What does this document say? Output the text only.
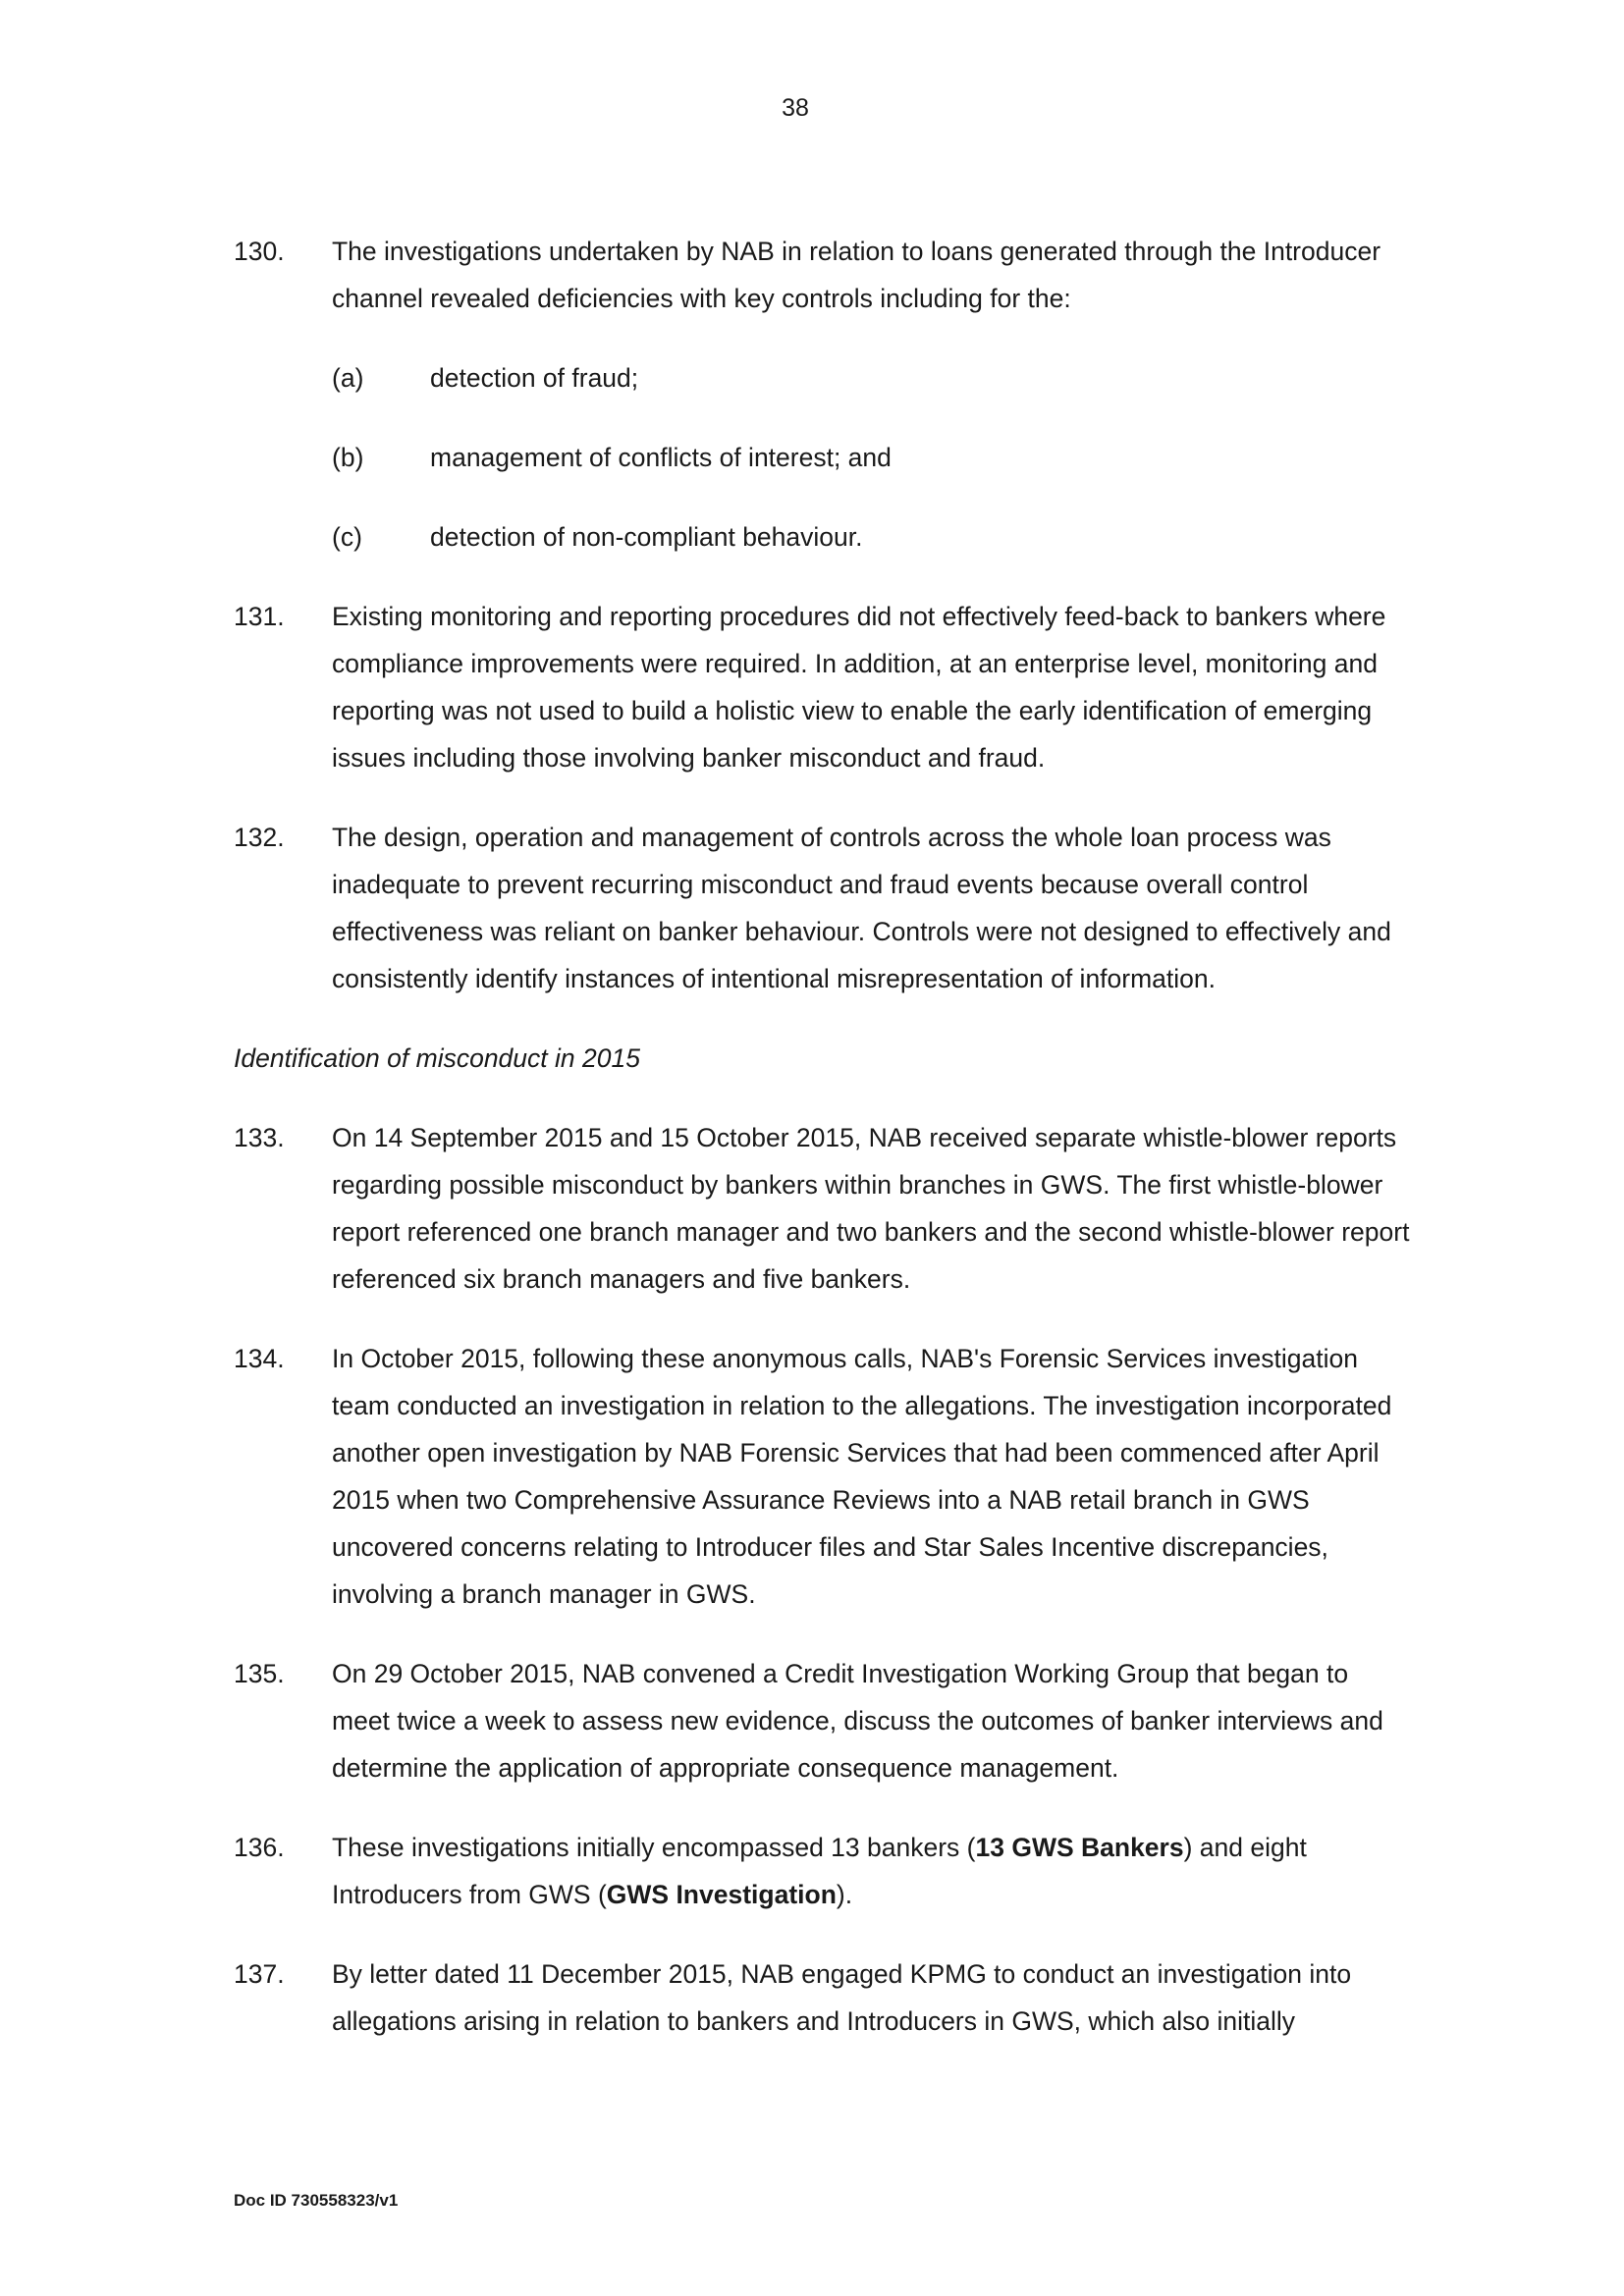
38
130. The investigations undertaken by NAB in relation to loans generated through the Introducer channel revealed deficiencies with key controls including for the:
(a)	detection of fraud;
(b)	management of conflicts of interest; and
(c)	detection of non-compliant behaviour.
131. Existing monitoring and reporting procedures did not effectively feed-back to bankers where compliance improvements were required. In addition, at an enterprise level, monitoring and reporting was not used to build a holistic view to enable the early identification of emerging issues including those involving banker misconduct and fraud.
132. The design, operation and management of controls across the whole loan process was inadequate to prevent recurring misconduct and fraud events because overall control effectiveness was reliant on banker behaviour. Controls were not designed to effectively and consistently identify instances of intentional misrepresentation of information.
Identification of misconduct in 2015
133. On 14 September 2015 and 15 October 2015, NAB received separate whistle-blower reports regarding possible misconduct by bankers within branches in GWS. The first whistle-blower report referenced one branch manager and two bankers and the second whistle-blower report referenced six branch managers and five bankers.
134. In October 2015, following these anonymous calls, NAB's Forensic Services investigation team conducted an investigation in relation to the allegations. The investigation incorporated another open investigation by NAB Forensic Services that had been commenced after April 2015 when two Comprehensive Assurance Reviews into a NAB retail branch in GWS uncovered concerns relating to Introducer files and Star Sales Incentive discrepancies, involving a branch manager in GWS.
135. On 29 October 2015, NAB convened a Credit Investigation Working Group that began to meet twice a week to assess new evidence, discuss the outcomes of banker interviews and determine the application of appropriate consequence management.
136. These investigations initially encompassed 13 bankers (13 GWS Bankers) and eight Introducers from GWS (GWS Investigation).
137. By letter dated 11 December 2015, NAB engaged KPMG to conduct an investigation into allegations arising in relation to bankers and Introducers in GWS, which also initially
Doc ID 730558323/v1
